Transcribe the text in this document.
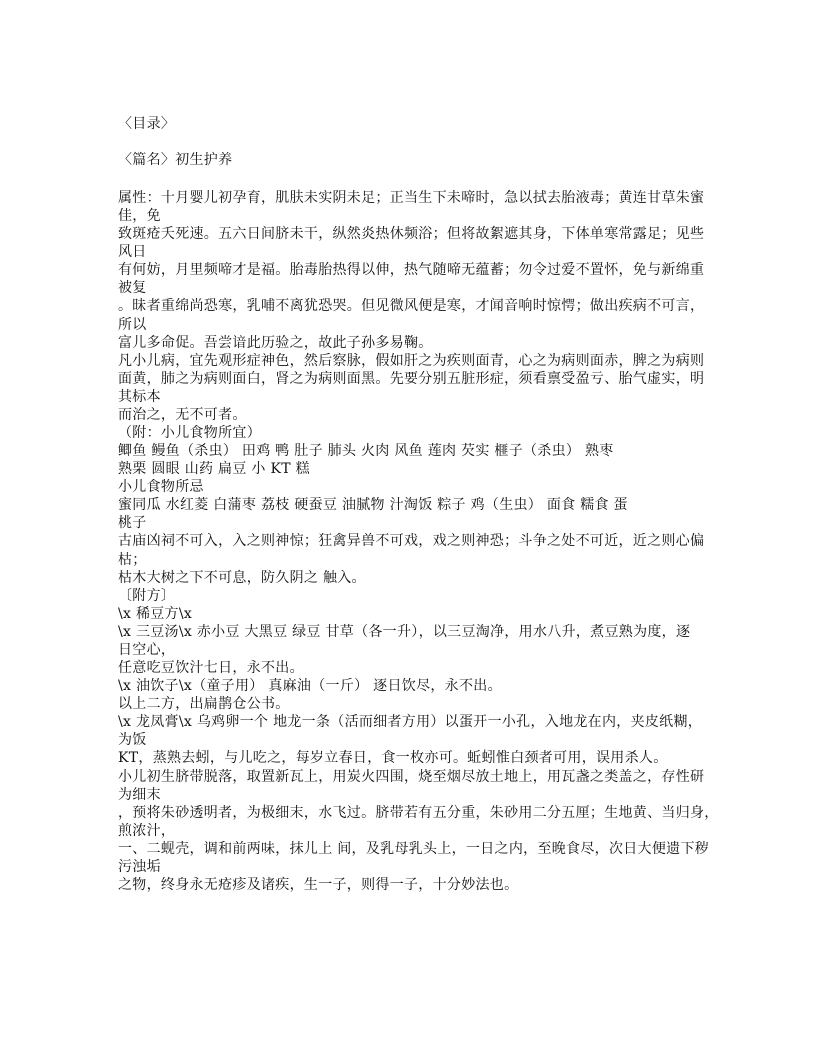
〈目录〉
〈篇名〉初生护养
属性：十月婴儿初孕育，肌肤未实阴未足；正当生下未啼时，急以拭去胎液毒；黄连甘草朱蜜
佳，免
致斑疮夭死速。五六日间脐未干，纵然炎热休频浴；但将故絮遮其身，下体单寒常露足；见些
风日
有何妨，月里频啼才是福。胎毒胎热得以伸，热气随啼无蕴蓄；勿令过爱不置怀，免与新绵重
被复
。昧者重绵尚恐寒，乳哺不离犹恐哭。但见微风便是寒，才闻音响时惊愕；做出疾病不可言，
所以
富儿多命促。吾尝谙此历验之，故此子孙多易鞠。
凡小儿病，宜先观形症神色，然后察脉，假如肝之为疾则面青，心之为病则面赤，脾之为病则
面黄，肺之为病则面白，肾之为病则面黑。先要分别五脏形症，须看禀受盈亏、胎气虚实，明
其标本
而治之，无不可者。
（附：小儿食物所宜）
鲫鱼 鳗鱼（杀虫） 田鸡 鸭 肚子 肺头 火肉 风鱼 莲肉 芡实 榧子（杀虫） 熟枣
熟栗 圆眼 山药 扁豆 小 KT 糕
小儿食物所忌
蜜同瓜 水红菱 白蒲枣 荔枝 硬蚕豆 油腻物 汁淘饭 粽子 鸡（生虫） 面食 糯食 蛋
桃子
古庙凶祠不可入，入之则神惊；狂禽异兽不可戏，戏之则神恐；斗争之处不可近，近之则心偏
枯；
枯木大树之下不可息，防久阴之 触入。
〔附方〕
\x 稀豆方\x
\x 三豆汤\x 赤小豆 大黑豆 绿豆 甘草（各一升），以三豆淘净，用水八升，煮豆熟为度，逐
日空心，
任意吃豆饮汁七日，永不出。
\x 油饮子\x（童子用） 真麻油（一斤） 逐日饮尽，永不出。
以上二方，出扁鹊仓公书。
\x 龙凤膏\x 乌鸡卵一个 地龙一条（活而细者方用）以蛋开一小孔，入地龙在内，夹皮纸糊，
为饭
KT，蒸熟去蚓，与儿吃之，每岁立春日，食一枚亦可。蚯蚓惟白颈者可用，误用杀人。
小儿初生脐带脱落，取置新瓦上，用炭火四围，烧至烟尽放土地上，用瓦盏之类盖之，存性研
为细末
，预将朱砂透明者，为极细末，水飞过。脐带若有五分重，朱砂用二分五厘；生地黄、当归身，
煎浓汁，
一、二蚬壳，调和前两味，抹儿上 间，及乳母乳头上，一日之内，至晚食尽，次日大便遗下秽
污浊垢
之物，终身永无疮疹及诸疾，生一子，则得一子，十分妙法也。
